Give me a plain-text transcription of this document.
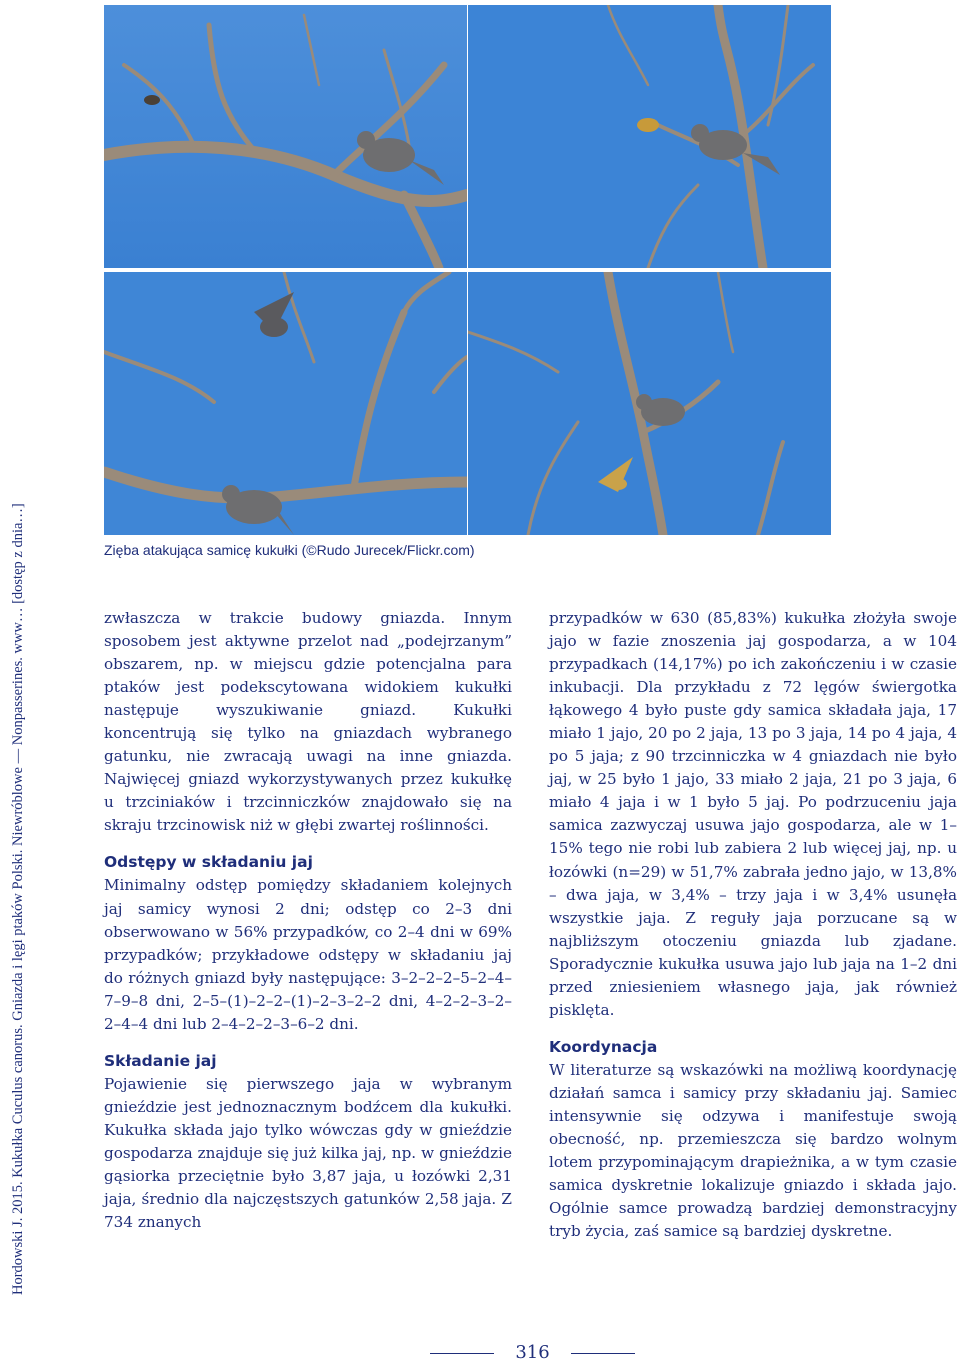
Hordowski J. 2015. Kukułka Cuculus canorus. Gniazda i lęgi ptaków Polski. Niewróblowe — Nonpasserines. www… [dostęp z dnia…]	Zięba atakująca samicę kukułki (©Rudo Jurecek/Flickr.com)

zwłaszcza w trakcie budowy gniazda. Innym sposobem jest aktywne przelot nad „podejrzanym” obszarem, np. w miejscu gdzie potencjalna para ptaków jest podekscytowana widokiem kukułki następuje wyszukiwanie gniazd. Kukułki koncentrują się tylko na gniazdach wybranego gatunku, nie zwracają uwagi na inne gniazda. Najwięcej gniazd wykorzystywanych przez kukułkę u trzciniaków i trzcinniczków znajdowało się na skraju trzcinowisk niż w głębi zwartej roślinności.

Odstępy w składaniu jaj

Minimalny odstęp pomiędzy składaniem kolejnych jaj samicy wynosi 2 dni; odstęp co 2–3 dni obserwowano w 56% przypadków, co 2–4 dni w 69% przypadków; przykładowe odstępy w składaniu jaj do różnych gniazd były następujące: 3–2–2–2–5–2–4–7–9–8 dni, 2–5–(1)–2–2–(1)–2–3–2–2 dni, 4–2–2–3–2–2–4–4 dni lub 2–4–2–2–3–6–2 dni.

Składanie jaj

Pojawienie się pierwszego jaja w wybranym gnieździe jest jednoznacznym bodźcem dla kukułki. Kukułka składa jajo tylko wówczas gdy w gnieździe gospodarza znajduje się już kilka jaj, np. w gnieździe gąsiorka przeciętnie było 3,87 jaja, u łozówki 2,31 jaja, średnio dla najczęstszych gatunków 2,58 jaja. Z 734 znanych

przypadków w 630 (85,83%) kukułka złożyła swoje jajo w fazie znoszenia jaj gospodarza, a w 104 przypadkach (14,17%) po ich zakończeniu i w czasie inkubacji. Dla przykładu z 72 lęgów świergotka łąkowego 4 było puste gdy samica składała jaja, 17 miało 1 jajo, 20 po 2 jaja, 13 po 3 jaja, 14 po 4 jaja, 4 po 5 jaja; z 90 trzcinniczka w 4 gniazdach nie było jaj, w 25 było 1 jajo, 33 miało 2 jaja, 21 po 3 jaja, 6 miało 4 jaja i w 1 było 5 jaj. Po podrzuceniu jaja samica zazwyczaj usuwa jajo gospodarza, ale w 1–15% tego nie robi lub zabiera 2 lub więcej jaj, np. u łozówki (n=29) w 51,7% zabrała jedno jajo, w 13,8% – dwa jaja, w 3,4% – trzy jaja i w 3,4% usunęła wszystkie jaja. Z reguły jaja porzucane są w najbliższym otoczeniu gniazda lub zjadane. Sporadycznie kukułka usuwa jajo lub jaja na 1–2 dni przed zniesieniem własnego jaja, jak również pisklęta.

Koordynacja

W literaturze są wskazówki na możliwą koordynację działań samca i samicy przy składaniu jaj. Samiec intensywnie się odzywa i manifestuje swoją obecność, np. przemieszcza się bardzo wolnym lotem przypominającym drapieżnika, a w tym czasie samica dyskretnie lokalizuje gniazdo i składa jajo. Ogólnie samce prowadzą bardziej demonstracyjny tryb życia, zaś samice są bardziej dyskretne.

316
